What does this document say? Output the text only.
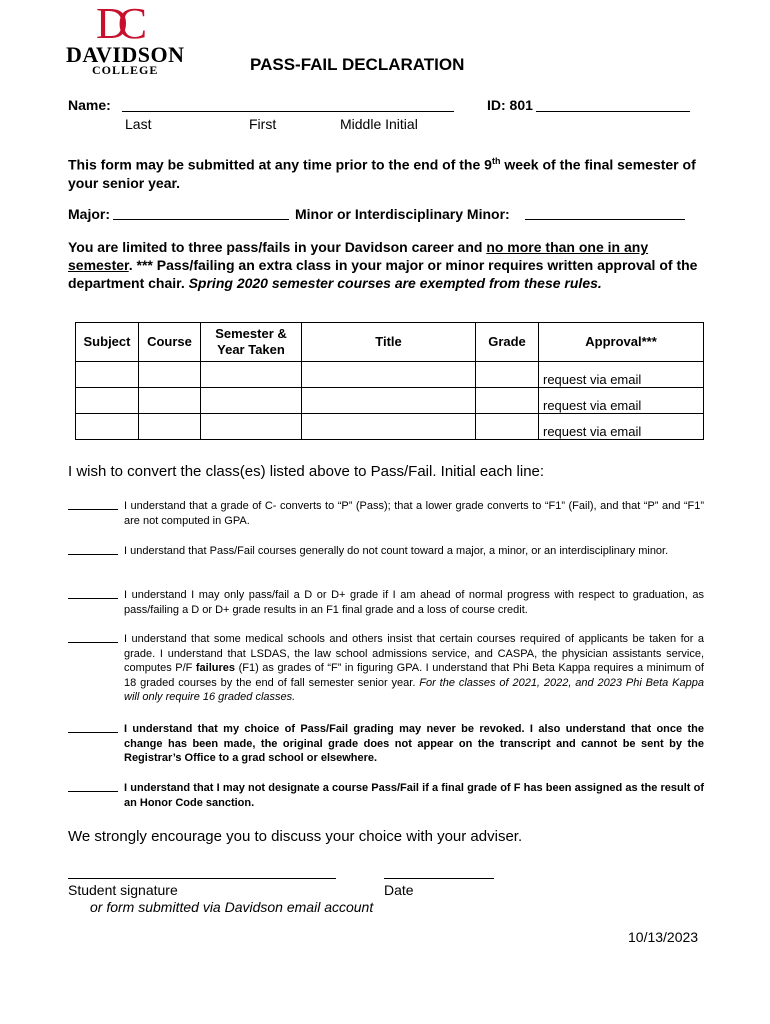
DC
DAVIDSON
COLLEGE	PASS-FAIL DECLARATION
Name:
Last	First	Middle Initial
ID: 801
This form may be submitted at any time prior to the end of the 9th week of the final semester of your senior year.
Major:	Minor or Interdisciplinary Minor:
You are limited to three pass/fails in your Davidson career and no more than one in any semester. *** Pass/failing an extra class in your major or minor requires written approval of the department chair. Spring 2020 semester courses are exempted from these rules.
Subject	Course	Semester & Year Taken	Title	Grade	Approval***
					request via email
					request via email
					request via email
I wish to convert the class(es) listed above to Pass/Fail. Initial each line:
I understand that a grade of C- converts to “P” (Pass); that a lower grade converts to “F1” (Fail), and that “P” and “F1” are not computed in GPA.
I understand that Pass/Fail courses generally do not count toward a major, a minor, or an interdisciplinary minor.
I understand I may only pass/fail a D or D+ grade if I am ahead of normal progress with respect to graduation, as pass/failing a D or D+ grade results in an F1 final grade and a loss of course credit.
I understand that some medical schools and others insist that certain courses required of applicants be taken for a grade. I understand that LSDAS, the law school admissions service, and CASPA, the physician assistants service, computes P/F failures (F1) as grades of “F” in figuring GPA. I understand that Phi Beta Kappa requires a minimum of 18 graded courses by the end of fall semester senior year. For the classes of 2021, 2022, and 2023 Phi Beta Kappa will only require 16 graded classes.
I understand that my choice of Pass/Fail grading may never be revoked. I also understand that once the change has been made, the original grade does not appear on the transcript and cannot be sent by the Registrar’s Office to a grad school or elsewhere.
I understand that I may not designate a course Pass/Fail if a final grade of F has been assigned as the result of an Honor Code sanction.
We strongly encourage you to discuss your choice with your adviser.
Student signature	Date
or form submitted via Davidson email account
10/13/2023
